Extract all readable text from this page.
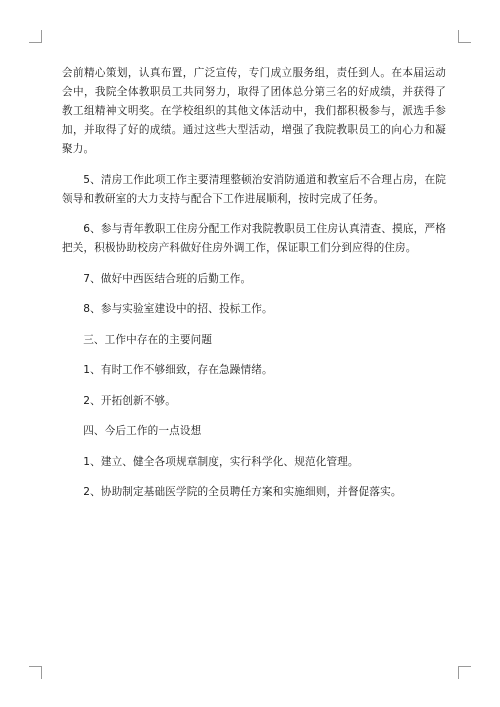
会前精心策划，认真布置，广泛宣传，专门成立服务组，责任到人。在本届运动会中，我院全体教职员工共同努力，取得了团体总分第三名的好成绩，并获得了教工组精神文明奖。在学校组织的其他文体活动中，我们都积极参与，派选手参加，并取得了好的成绩。通过这些大型活动，增强了我院教职员工的向心力和凝聚力。

5、清房工作此项工作主要清理整顿治安消防通道和教室后不合理占房，在院领导和教研室的大力支持与配合下工作进展顺利，按时完成了任务。

6、参与青年教职工住房分配工作对我院教职员工住房认真清查、摸底，严格把关，积极协助校房产科做好住房外调工作，保证职工们分到应得的住房。

7、做好中西医结合班的后勤工作。

8、参与实验室建设中的招、投标工作。

三、工作中存在的主要问题

1、有时工作不够细致，存在急躁情绪。

2、开拓创新不够。

四、今后工作的一点设想

1、建立、健全各项规章制度，实行科学化、规范化管理。

2、协助制定基础医学院的全员聘任方案和实施细则，并督促落实。
